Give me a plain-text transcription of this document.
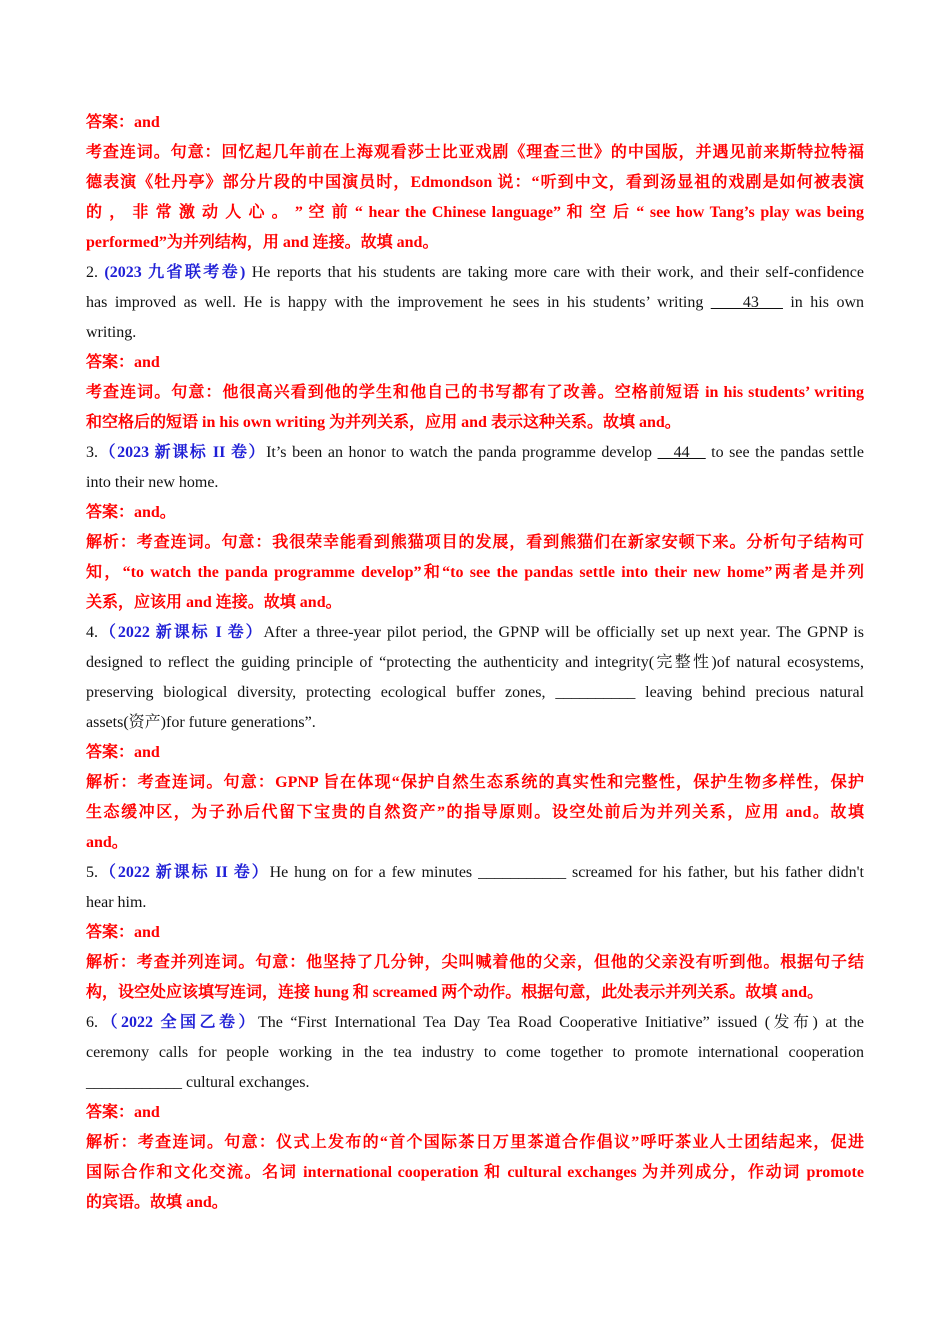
答案：and
考查连词。句意：回忆起几年前在上海观看莎士比亚戏剧《理查三世》的中国版，并遇见前来斯特拉特福
德表演《牡丹亭》部分片段的中国演员时，Edmondson 说：“听到中文，看到汤显祖的戏剧是如何被表演
的 ， 非 常 激 动 人 心 。 ” 空 前 “ hear the Chinese language” 和 空 后 “ see how Tang’s play was being
performed”为并列结构，用 and 连接。故填 and。
2. (2023 九省联考卷) He reports that his students are taking more care with their work, and their self-confidence
has improved as well. He is happy with the improvement he sees in his students’ writing ____43___ in his own
writing.
答案：and
考查连词。句意：他很高兴看到他的学生和他自己的书写都有了改善。空格前短语 in his students’ writing
和空格后的短语 in his own writing 为并列关系，应用 and 表示这种关系。故填 and。
3.（2023 新课标 II 卷）It’s been an honor to watch the panda programme develop __44__ to see the pandas settle
into their new home.
答案：and。
解析：考查连词。句意：我很荣幸能看到熊猫项目的发展，看到熊猫们在新家安顿下来。分析句子结构可
知，“to watch the panda programme develop”和“to see the pandas settle into their new home”两者是并列
关系，应该用 and 连接。故填 and。
4.（2022 新课标 I 卷）After a three-year pilot period, the GPNP will be officially set up next year. The GPNP is
designed to reflect the guiding principle of “protecting the authenticity and integrity(完整性)of natural ecosystems,
preserving biological diversity, protecting ecological buffer zones, __________ leaving behind precious natural
assets(资产)for future generations”.
答案：and
解析：考查连词。句意：GPNP 旨在体现“保护自然生态系统的真实性和完整性，保护生物多样性，保护
生态缓冲区，为子孙后代留下宝贵的自然资产”的指导原则。设空处前后为并列关系，应用 and。故填
and。
5.（2022 新课标 II 卷）He hung on for a few minutes ___________ screamed for his father, but his father didn't
hear him.
答案：and
解析：考查并列连词。句意：他坚持了几分钟，尖叫喊着他的父亲，但他的父亲没有听到他。根据句子结
构，设空处应该填写连词，连接 hung 和 screamed 两个动作。根据句意，此处表示并列关系。故填 and。
6.（2022 全国乙卷）The “First International Tea Day Tea Road Cooperative Initiative” issued (发布) at the
ceremony calls for people working in the tea industry to come together to promote international cooperation
____________ cultural exchanges.
答案：and
解析：考查连词。句意：仪式上发布的“首个国际茶日万里茶道合作倡议”呼吁茶业人士团结起来，促进
国际合作和文化交流。名词 international cooperation 和 cultural exchanges 为并列成分，作动词 promote
的宾语。故填 and。
